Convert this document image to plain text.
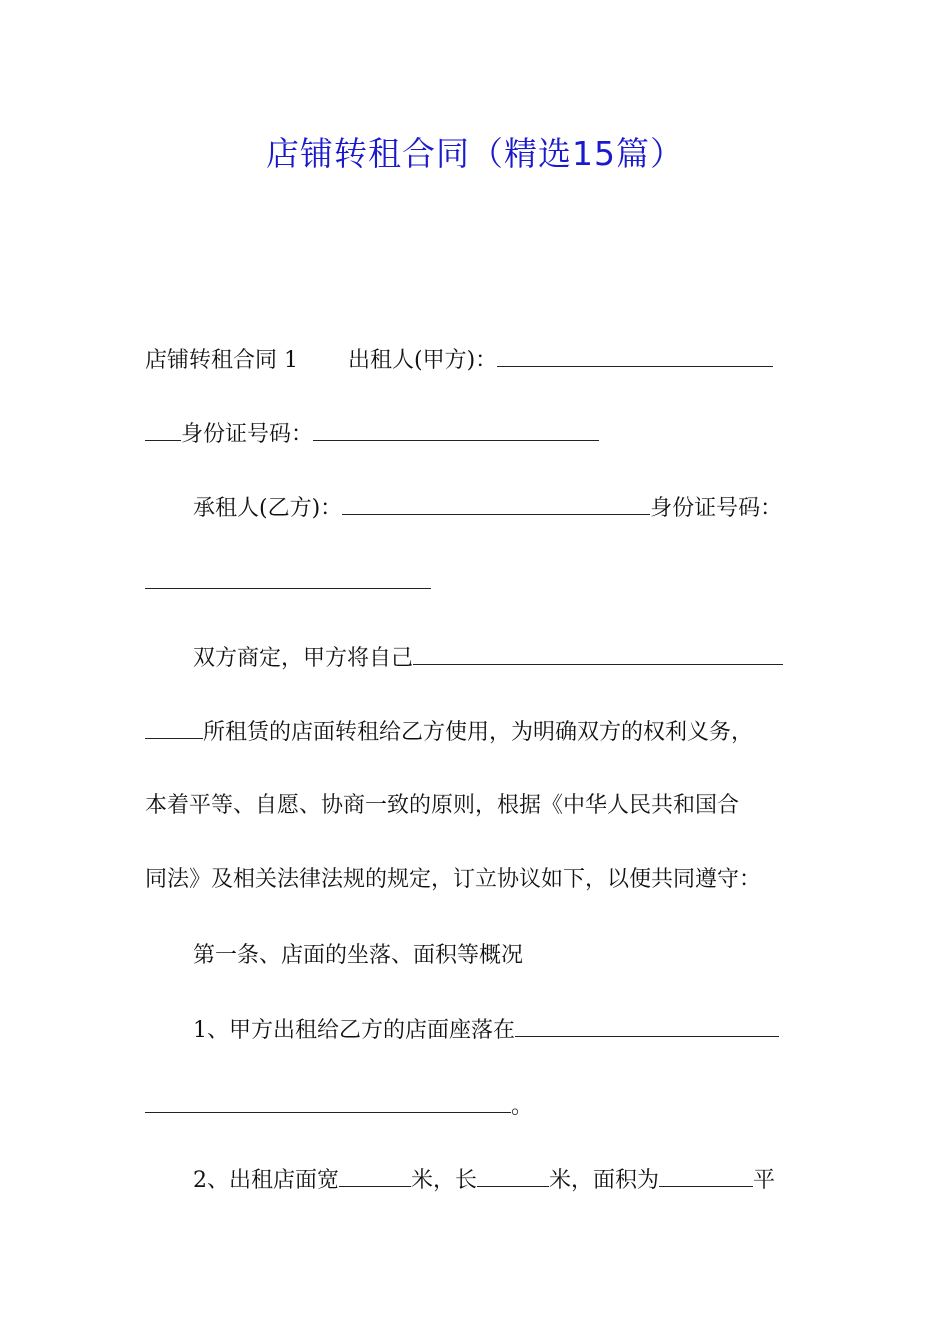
店铺转租合同（精选15篇）
店铺转租合同 1 出租人(甲方)：
身份证号码：
承租人(乙方)：	身份证号码：
双方商定，甲方将自己
所租赁的店面转租给乙方使用，为明确双方的权利义务，
本着平等、自愿、协商一致的原则，根据《中华人民共和国合
同法》及相关法律法规的规定，订立协议如下，以便共同遵守：
第一条、店面的坐落、面积等概况
1、甲方出租给乙方的店面座落在
。
2、出租店面宽	米，长	米，面积为	平
